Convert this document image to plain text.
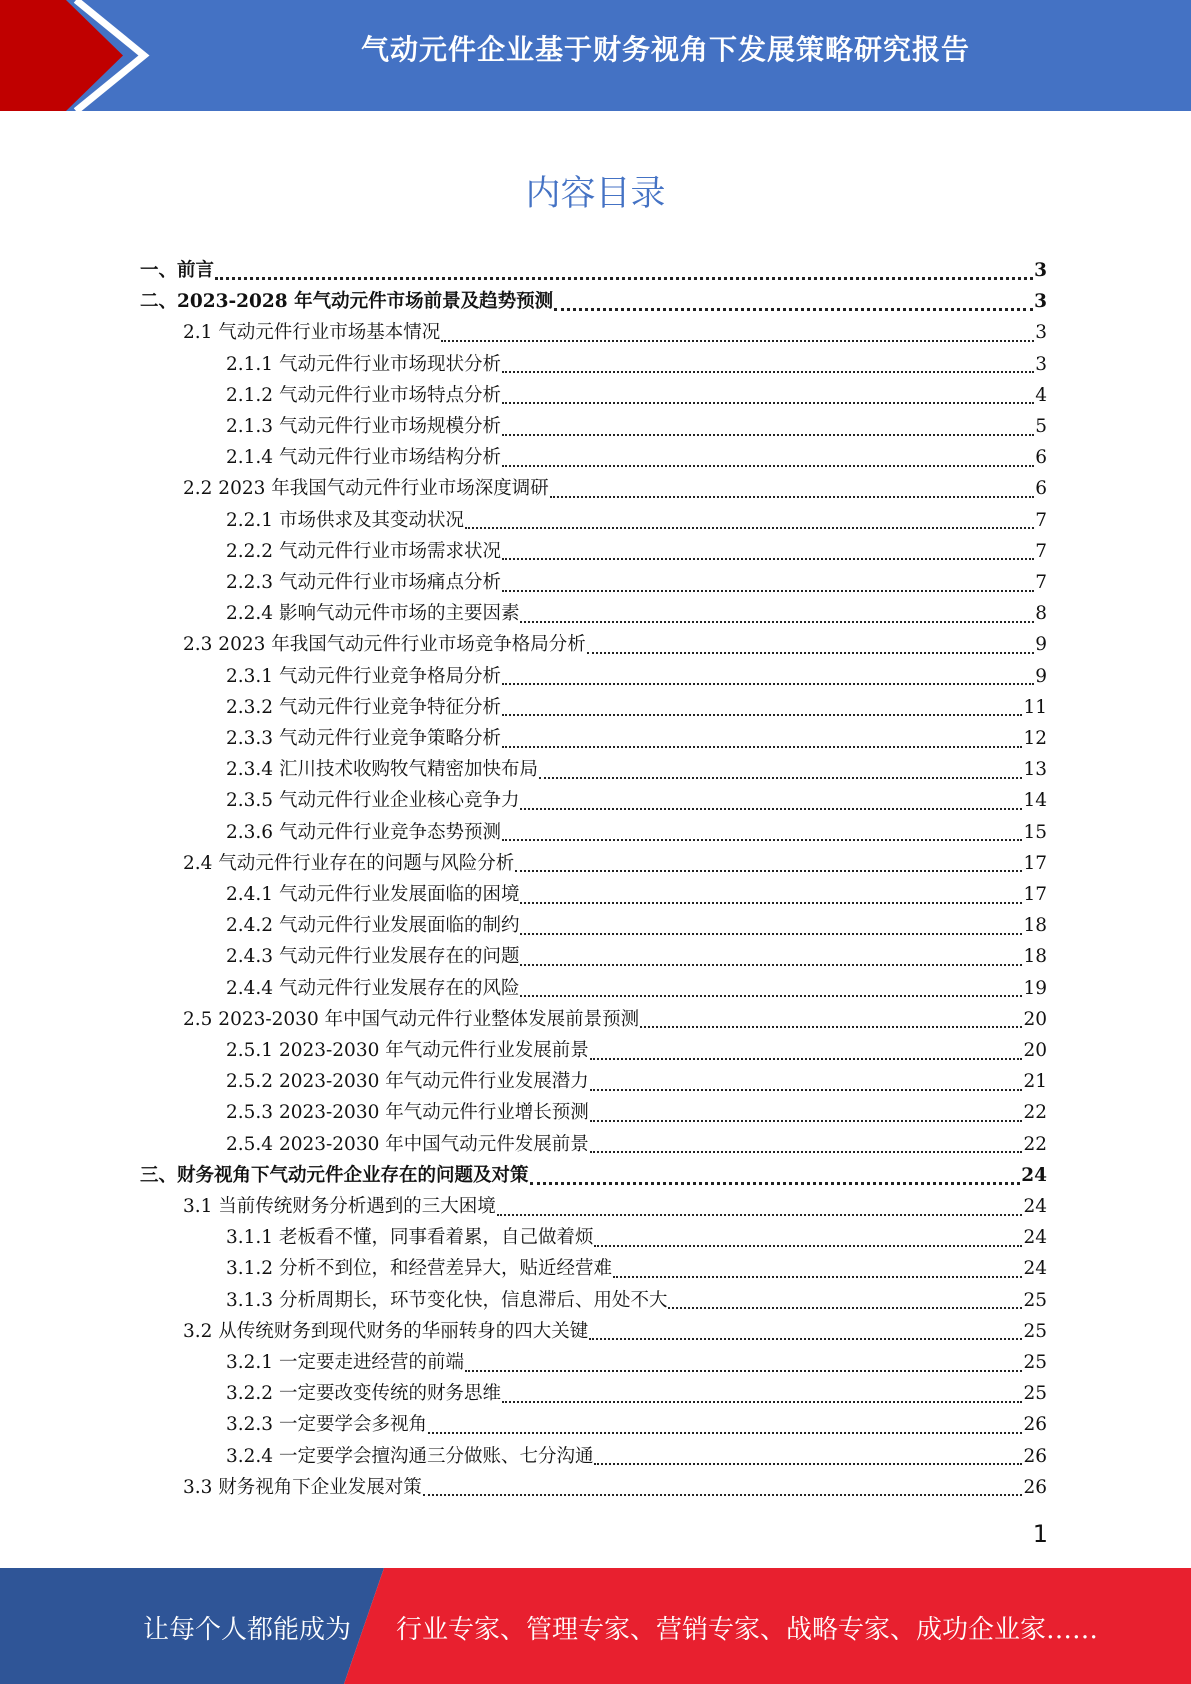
气动元件企业基于财务视角下发展策略研究报告
内容目录
一、前言	3
二、2023-2028 年气动元件市场前景及趋势预测	3
2.1 气动元件行业市场基本情况	3
2.1.1 气动元件行业市场现状分析	3
2.1.2 气动元件行业市场特点分析	4
2.1.3 气动元件行业市场规模分析	5
2.1.4 气动元件行业市场结构分析	6
2.2 2023 年我国气动元件行业市场深度调研	6
2.2.1 市场供求及其变动状况	7
2.2.2 气动元件行业市场需求状况	7
2.2.3 气动元件行业市场痛点分析	7
2.2.4 影响气动元件市场的主要因素	8
2.3 2023 年我国气动元件行业市场竞争格局分析	9
2.3.1 气动元件行业竞争格局分析	9
2.3.2 气动元件行业竞争特征分析	11
2.3.3 气动元件行业竞争策略分析	12
2.3.4 汇川技术收购牧气精密加快布局	13
2.3.5 气动元件行业企业核心竞争力	14
2.3.6 气动元件行业竞争态势预测	15
2.4 气动元件行业存在的问题与风险分析	17
2.4.1 气动元件行业发展面临的困境	17
2.4.2 气动元件行业发展面临的制约	18
2.4.3 气动元件行业发展存在的问题	18
2.4.4 气动元件行业发展存在的风险	19
2.5 2023-2030 年中国气动元件行业整体发展前景预测	20
2.5.1 2023-2030 年气动元件行业发展前景	20
2.5.2 2023-2030 年气动元件行业发展潜力	21
2.5.3 2023-2030 年气动元件行业增长预测	22
2.5.4 2023-2030 年中国气动元件发展前景	22
三、财务视角下气动元件企业存在的问题及对策	24
3.1 当前传统财务分析遇到的三大困境	24
3.1.1 老板看不懂，同事看着累，自己做着烦	24
3.1.2 分析不到位，和经营差异大，贴近经营难	24
3.1.3 分析周期长，环节变化快，信息滞后、用处不大	25
3.2 从传统财务到现代财务的华丽转身的四大关键	25
3.2.1 一定要走进经营的前端	25
3.2.2 一定要改变传统的财务思维	25
3.2.3 一定要学会多视角	26
3.2.4 一定要学会擅沟通三分做账、七分沟通	26
3.3 财务视角下企业发展对策	26
1
让每个人都能成为 行业专家、管理专家、营销专家、战略专家、成功企业家……
